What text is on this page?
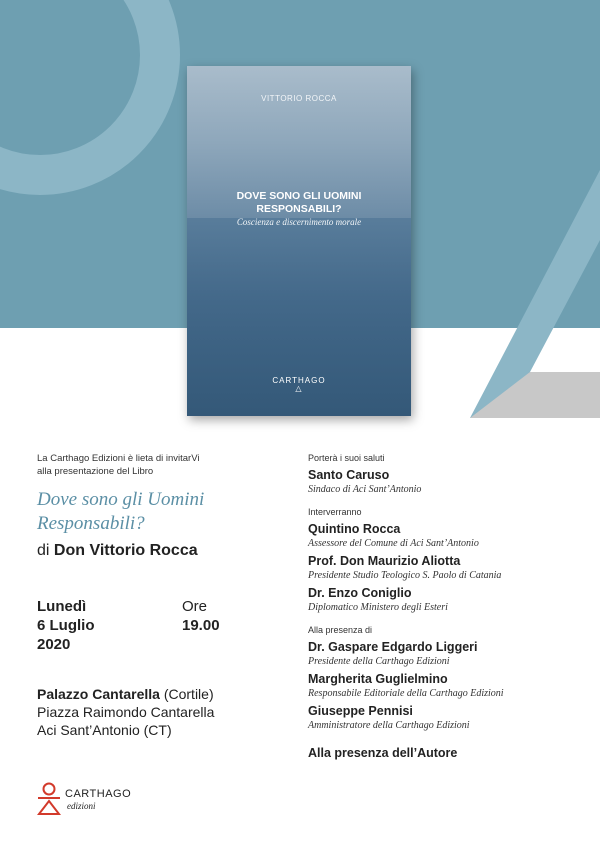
VITTORIO ROCCA
DOVE SONO GLI UOMINI
RESPONSABILI?
Coscienza e discernimento morale
CARTHAGO
△
La Carthago Edizioni è lieta di invitarVi
alla presentazione del Libro
Dove sono gli Uomini
Responsabili?
di Don Vittorio Rocca
Lunedì
6 Luglio
2020
Ore
19.00
Palazzo Cantarella (Cortile)
Piazza Raimondo Cantarella
Aci Sant’Antonio (CT)
CARTHAGO
edizioni
Porterà i suoi saluti
Santo Caruso
Sindaco di Aci Sant’Antonio
Interverranno
Quintino Rocca
Assessore del Comune di Aci Sant’Antonio
Prof. Don Maurizio Aliotta
Presidente Studio Teologico S. Paolo di Catania
Dr. Enzo Coniglio
Diplomatico Ministero degli Esteri
Alla presenza di
Dr. Gaspare Edgardo Liggeri
Presidente della Carthago Edizioni
Margherita Guglielmino
Responsabile Editoriale della Carthago Edizioni
Giuseppe Pennisi
Amministratore della Carthago Edizioni
Alla presenza dell’Autore
